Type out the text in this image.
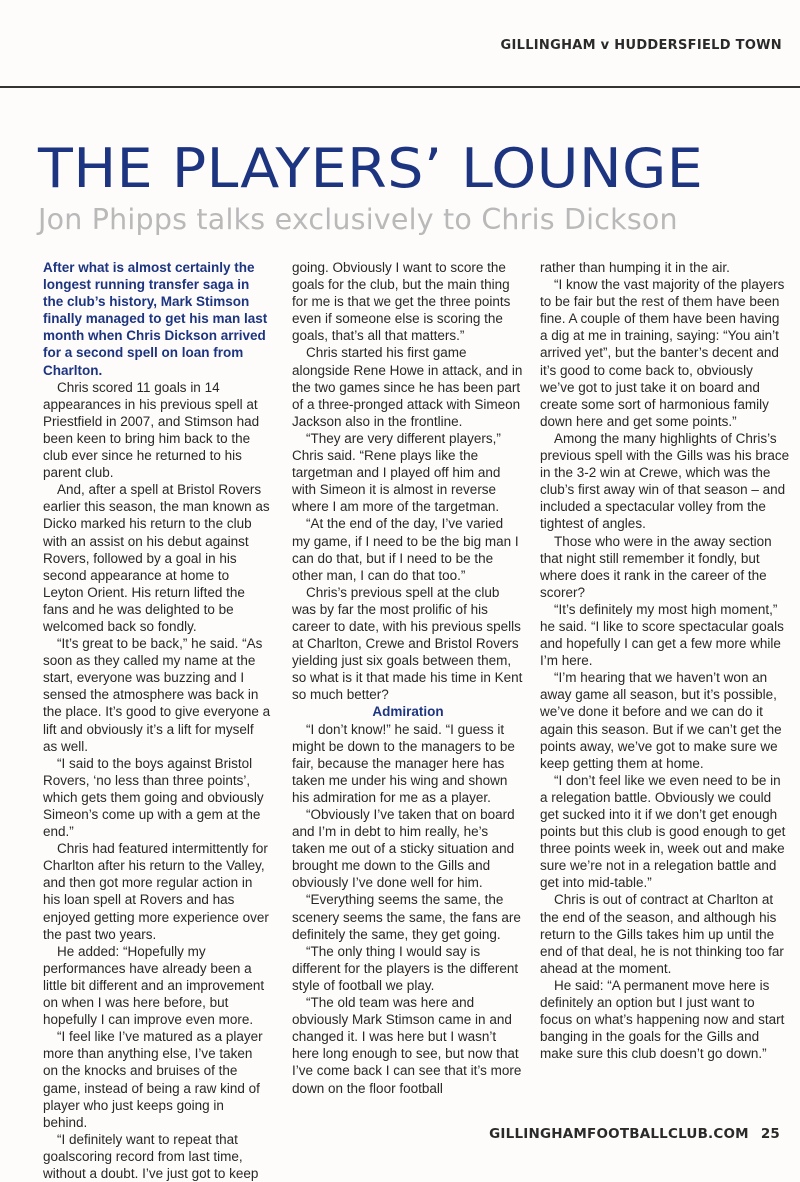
GILLINGHAM v HUDDERSFIELD TOWN
THE PLAYERS’ LOUNGE
Jon Phipps talks exclusively to Chris Dickson

After what is almost certainly the longest running transfer saga in the club’s history, Mark Stimson finally managed to get his man last month when Chris Dickson arrived for a second spell on loan from Charlton.

Chris scored 11 goals in 14 appearances in his previous spell at Priestfield in 2007, and Stimson had been keen to bring him back to the club ever since he returned to his parent club.

And, after a spell at Bristol Rovers earlier this season, the man known as Dicko marked his return to the club with an assist on his debut against Rovers, followed by a goal in his second appearance at home to Leyton Orient. His return lifted the fans and he was delighted to be welcomed back so fondly.

“It’s great to be back,” he said. “As soon as they called my name at the start, everyone was buzzing and I sensed the atmosphere was back in the place. It’s good to give everyone a lift and obviously it’s a lift for myself as well.

“I said to the boys against Bristol Rovers, ‘no less than three points’, which gets them going and obviously Simeon’s come up with a gem at the end.”

Chris had featured intermittently for Charlton after his return to the Valley, and then got more regular action in his loan spell at Rovers and has enjoyed getting more experience over the past two years.

He added: “Hopefully my performances have already been a little bit different and an improvement on when I was here before, but hopefully I can improve even more.

“I feel like I’ve matured as a player more than anything else, I’ve taken on the knocks and bruises of the game, instead of being a raw kind of player who just keeps going in behind.

“I definitely want to repeat that goalscoring record from last time, without a doubt. I’ve just got to keep

going. Obviously I want to score the goals for the club, but the main thing for me is that we get the three points even if someone else is scoring the goals, that’s all that matters.”

Chris started his first game alongside Rene Howe in attack, and in the two games since he has been part of a three-pronged attack with Simeon Jackson also in the frontline.

“They are very different players,” Chris said. “Rene plays like the targetman and I played off him and with Simeon it is almost in reverse where I am more of the targetman.

“At the end of the day, I’ve varied my game, if I need to be the big man I can do that, but if I need to be the other man, I can do that too.”

Chris’s previous spell at the club was by far the most prolific of his career to date, with his previous spells at Charlton, Crewe and Bristol Rovers yielding just six goals between them, so what is it that made his time in Kent so much better?

Admiration

“I don’t know!” he said. “I guess it might be down to the managers to be fair, because the manager here has taken me under his wing and shown his admiration for me as a player.

“Obviously I’ve taken that on board and I’m in debt to him really, he’s taken me out of a sticky situation and brought me down to the Gills and obviously I’ve done well for him.

“Everything seems the same, the scenery seems the same, the fans are definitely the same, they get going.

“The only thing I would say is different for the players is the different style of football we play.

“The old team was here and obviously Mark Stimson came in and changed it. I was here but I wasn’t here long enough to see, but now that I’ve come back I can see that it’s more down on the floor football

rather than humping it in the air.

“I know the vast majority of the players to be fair but the rest of them have been fine. A couple of them have been having a dig at me in training, saying: “You ain’t arrived yet”, but the banter’s decent and it’s good to come back to, obviously we’ve got to just take it on board and create some sort of harmonious family down here and get some points.”

Among the many highlights of Chris’s previous spell with the Gills was his brace in the 3-2 win at Crewe, which was the club’s first away win of that season – and included a spectacular volley from the tightest of angles.

Those who were in the away section that night still remember it fondly, but where does it rank in the career of the scorer?

“It’s definitely my most high moment,” he said. “I like to score spectacular goals and hopefully I can get a few more while I’m here.

“I’m hearing that we haven’t won an away game all season, but it’s possible, we’ve done it before and we can do it again this season. But if we can’t get the points away, we’ve got to make sure we keep getting them at home.

“I don’t feel like we even need to be in a relegation battle. Obviously we could get sucked into it if we don’t get enough points but this club is good enough to get three points week in, week out and make sure we’re not in a relegation battle and get into mid-table.”

Chris is out of contract at Charlton at the end of the season, and although his return to the Gills takes him up until the end of that deal, he is not thinking too far ahead at the moment.

He said: “A permanent move here is definitely an option but I just want to focus on what’s happening now and start banging in the goals for the Gills and make sure this club doesn’t go down.”

GILLINGHAMFOOTBALLCLUB.COM 25
